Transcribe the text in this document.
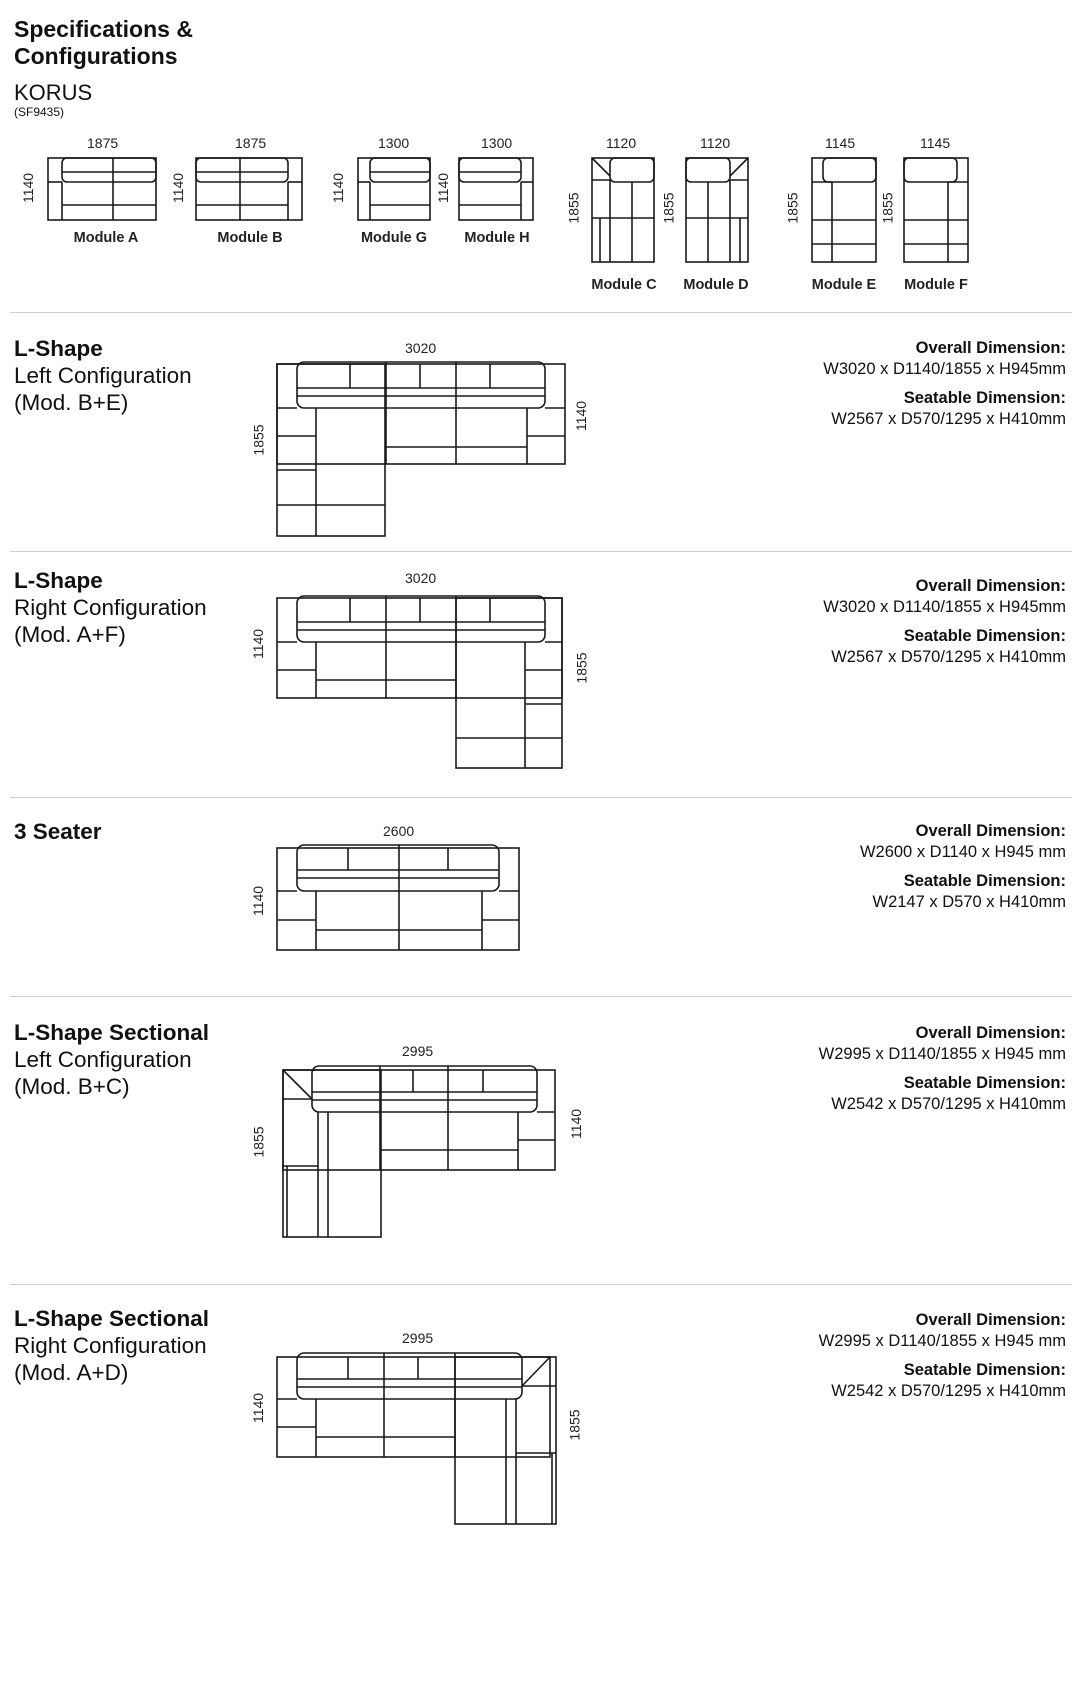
Specifications &
Configurations
KORUS
(SF9435)
1875	1875	1300	1300	1120	1120	1145	1145
1140	1140	1140	1140
1855	1855	1855	1855
Module A	Module B	Module G	Module H
Module C	Module D	Module E	Module F
L-Shape
Left Configuration
(Mod. B+E)
3020
1855
1140
Overall Dimension:
W3020 x D1140/1855 x H945mm
Seatable Dimension:
W2567 x D570/1295 x H410mm
L-Shape
Right Configuration
(Mod. A+F)
3020
1140
1855
Overall Dimension:
W3020 x D1140/1855 x H945mm
Seatable Dimension:
W2567 x D570/1295 x H410mm
3 Seater	2600
1140
Overall Dimension:
W2600 x D1140 x H945 mm
Seatable Dimension:
W2147 x D570 x H410mm
L-Shape Sectional
Left Configuration
(Mod. B+C)
2995
1855
1140
Overall Dimension:
W2995 x D1140/1855 x H945 mm
Seatable Dimension:
W2542 x D570/1295 x H410mm
L-Shape Sectional
Right Configuration
(Mod. A+D)
2995
1140
1855
Overall Dimension:
W2995 x D1140/1855 x H945 mm
Seatable Dimension:
W2542 x D570/1295 x H410mm
